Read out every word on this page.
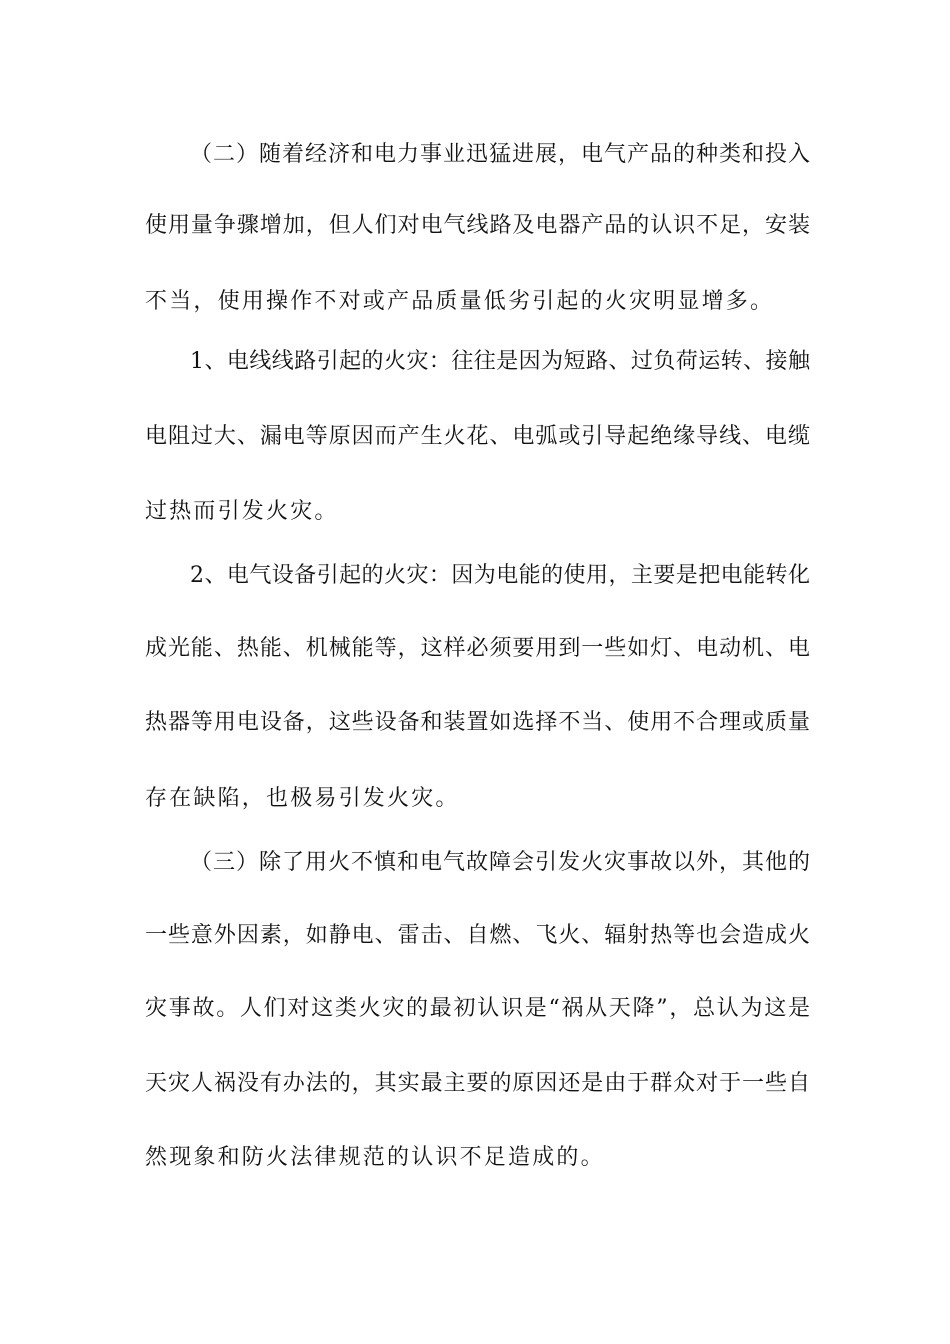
（二）随着经济和电力事业迅猛进展，电气产品的种类和投入

使用量争骤增加，但人们对电气线路及电器产品的认识不足，安装

不当，使用操作不对或产品质量低劣引起的火灾明显增多。

1、电线线路引起的火灾：往往是因为短路、过负荷运转、接触

电阻过大、漏电等原因而产生火花、电弧或引导起绝缘导线、电缆

过热而引发火灾。

2、电气设备引起的火灾：因为电能的使用，主要是把电能转化

成光能、热能、机械能等，这样必须要用到一些如灯、电动机、电

热器等用电设备，这些设备和装置如选择不当、使用不合理或质量

存在缺陷，也极易引发火灾。

（三）除了用火不慎和电气故障会引发火灾事故以外，其他的

一些意外因素，如静电、雷击、自燃、飞火、辐射热等也会造成火

灾事故。人们对这类火灾的最初认识是“祸从天降”，总认为这是

天灾人祸没有办法的，其实最主要的原因还是由于群众对于一些自

然现象和防火法律规范的认识不足造成的。
